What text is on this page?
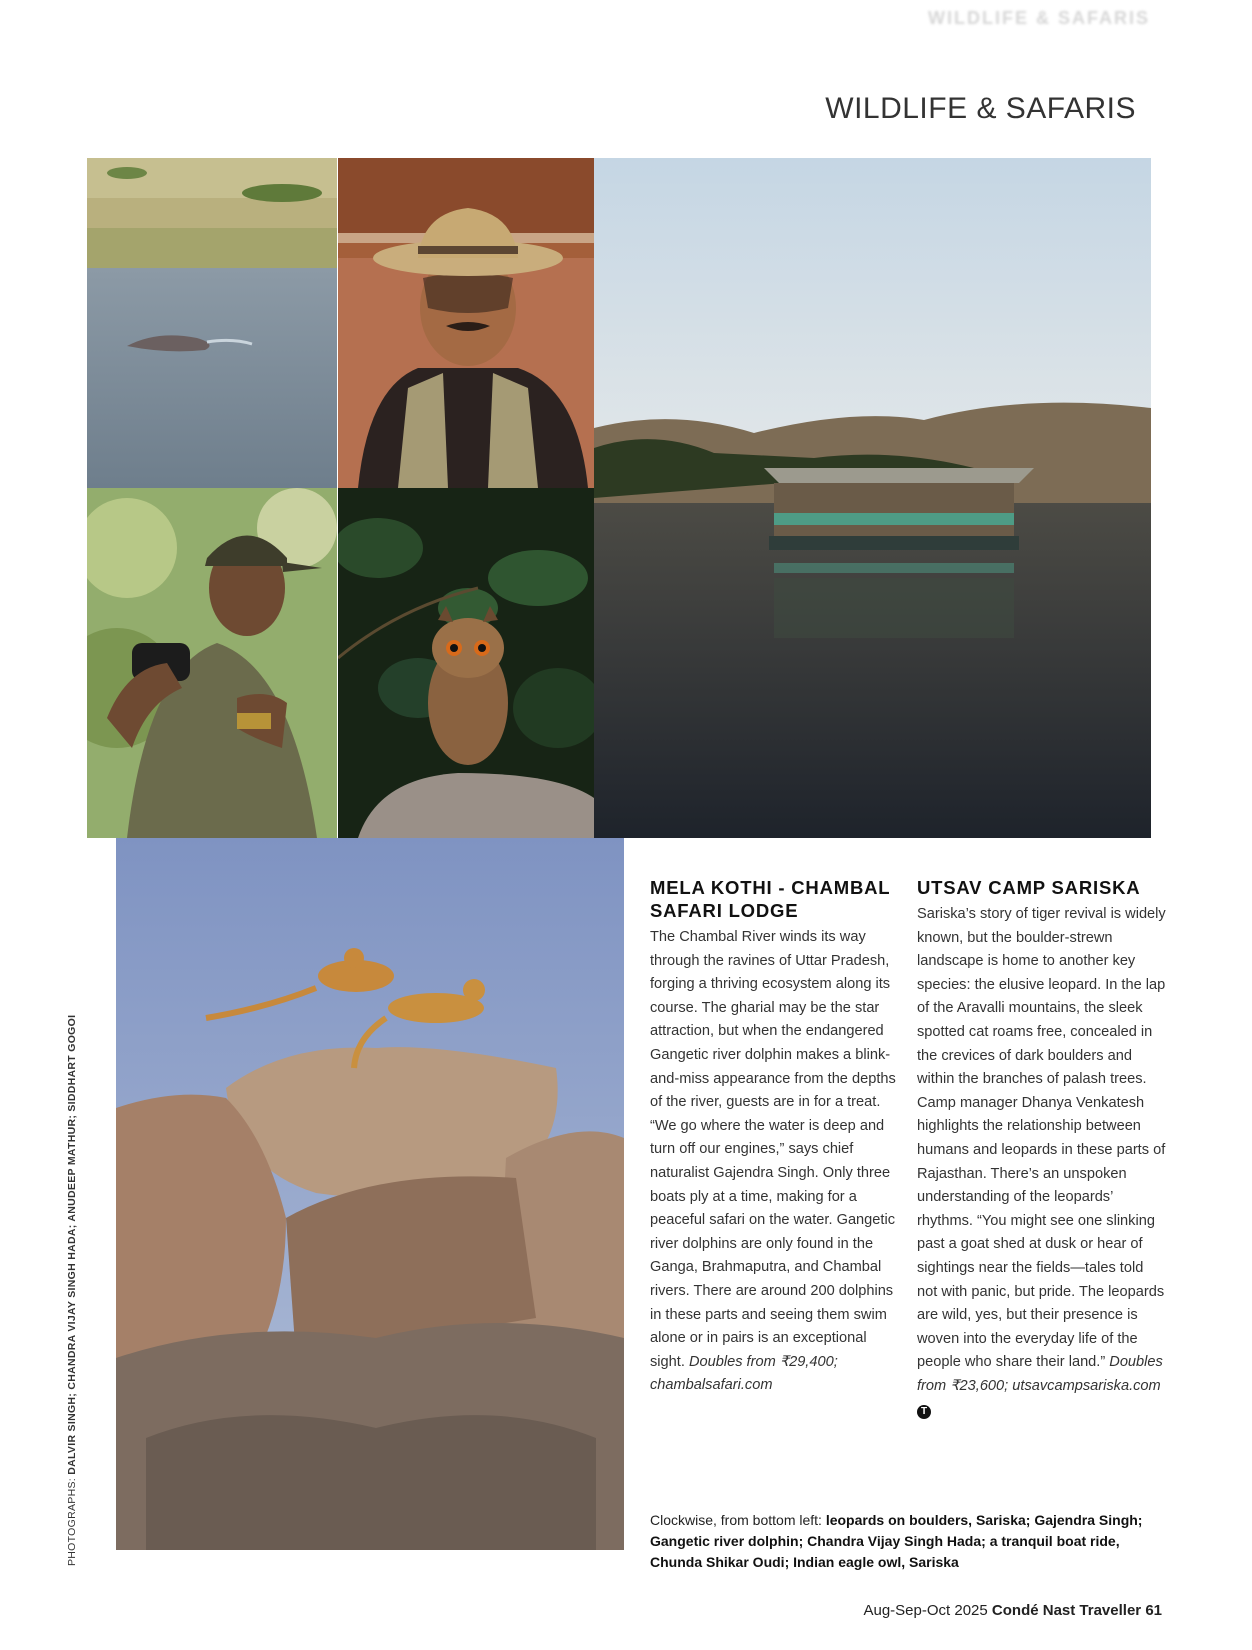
WILDLIFE & SAFARIS
WILDLIFE & SAFARIS
PHOTOGRAPHS: DALVIR SINGH; CHANDRA VIJAY SINGH HADA; ANUDEEP MATHUR; SIDDHART GOGOI
MELA KOTHI - CHAMBAL SAFARI LODGE

The Chambal River winds its way through the ravines of Uttar Pradesh, forging a thriving ecosystem along its course. The gharial may be the star attraction, but when the endangered Gangetic river dolphin makes a blink-and-miss appearance from the depths of the river, guests are in for a treat. “We go where the water is deep and turn off our engines,” says chief naturalist Gajendra Singh. Only three boats ply at a time, making for a peaceful safari on the water. Gangetic river dolphins are only found in the Ganga, Brahmaputra, and Chambal rivers. There are around 200 dolphins in these parts and seeing them swim alone or in pairs is an exceptional sight. Doubles from ₹29,400; chambalsafari.com

UTSAV CAMP SARISKA

Sariska’s story of tiger revival is widely known, but the boulder-strewn landscape is home to another key species: the elusive leopard. In the lap of the Aravalli mountains, the sleek spotted cat roams free, concealed in the crevices of dark boulders and within the branches of palash trees. Camp manager Dhanya Venkatesh highlights the relationship between humans and leopards in these parts of Rajasthan. There’s an unspoken understanding of the leopards’ rhythms. “You might see one slinking past a goat shed at dusk or hear of sightings near the fields—tales told not with panic, but pride. The leopards are wild, yes, but their presence is woven into the everyday life of the people who share their land.” Doubles from ₹23,600; utsavcampsariska.com T

Clockwise, from bottom left: leopards on boulders, Sariska; Gajendra Singh; Gangetic river dolphin; Chandra Vijay Singh Hada; a tranquil boat ride, Chunda Shikar Oudi; Indian eagle owl, Sariska
Aug-Sep-Oct 2025 Condé Nast Traveller 61
